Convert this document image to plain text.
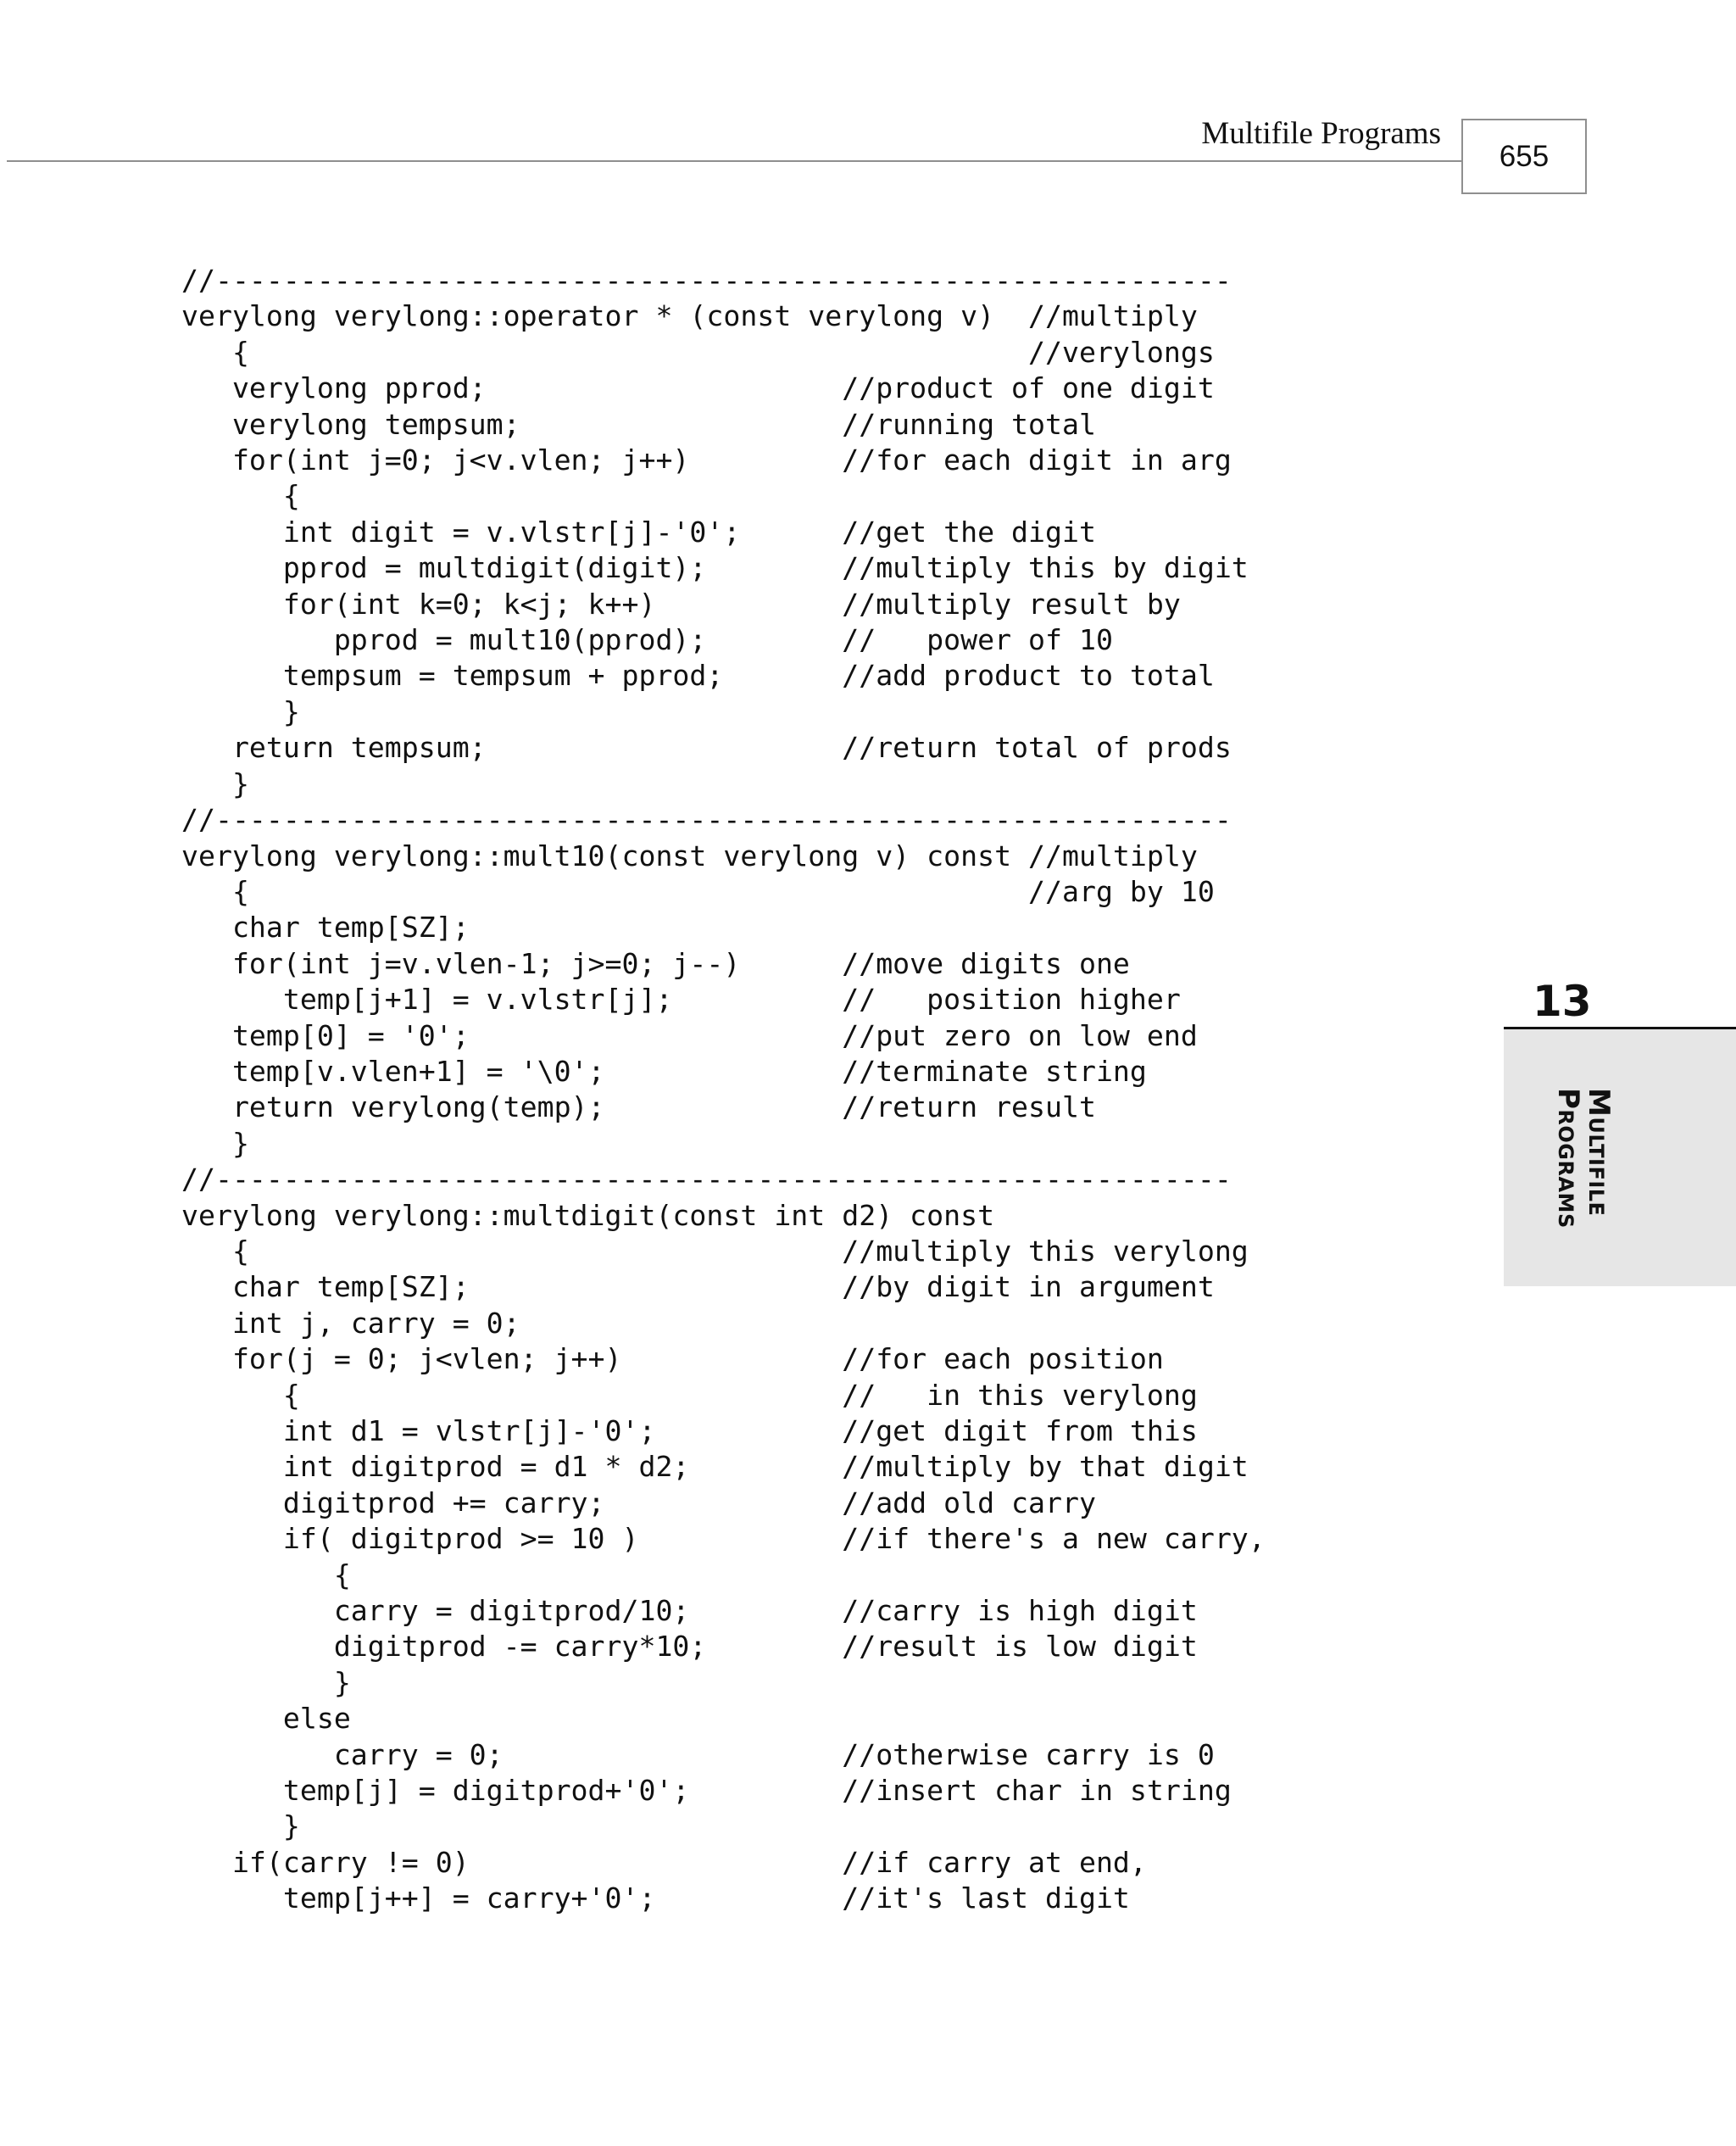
Multifile Programs
655
//------------------------------------------------------------
verylong verylong::operator * (const verylong v)  //multiply
{                                              //verylongs
verylong pprod;                     //product of one digit
verylong tempsum;                   //running total
for(int j=0; j<v.vlen; j++)         //for each digit in arg
{
int digit = v.vlstr[j]-'0';      //get the digit
pprod = multdigit(digit);        //multiply this by digit
for(int k=0; k<j; k++)           //multiply result by
pprod = mult10(pprod);        //   power of 10
tempsum = tempsum + pprod;       //add product to total
}
return tempsum;                     //return total of prods
}
//------------------------------------------------------------
verylong verylong::mult10(const verylong v) const //multiply
{                                              //arg by 10
char temp[SZ];
for(int j=v.vlen-1; j>=0; j--)      //move digits one
temp[j+1] = v.vlstr[j];          //   position higher
temp[0] = '0';                      //put zero on low end
temp[v.vlen+1] = '\0';              //terminate string
return verylong(temp);              //return result
}
//------------------------------------------------------------
verylong verylong::multdigit(const int d2) const
{                                   //multiply this verylong
char temp[SZ];                      //by digit in argument
int j, carry = 0;
for(j = 0; j<vlen; j++)             //for each position
{                                //   in this verylong
int d1 = vlstr[j]-'0';           //get digit from this
int digitprod = d1 * d2;         //multiply by that digit
digitprod += carry;              //add old carry
if( digitprod >= 10 )            //if there's a new carry,
{
carry = digitprod/10;         //carry is high digit
digitprod -= carry*10;        //result is low digit
}
else
carry = 0;                    //otherwise carry is 0
temp[j] = digitprod+'0';         //insert char in string
}
if(carry != 0)                      //if carry at end,
temp[j++] = carry+'0';           //it's last digit
13
Multifile
Programs
